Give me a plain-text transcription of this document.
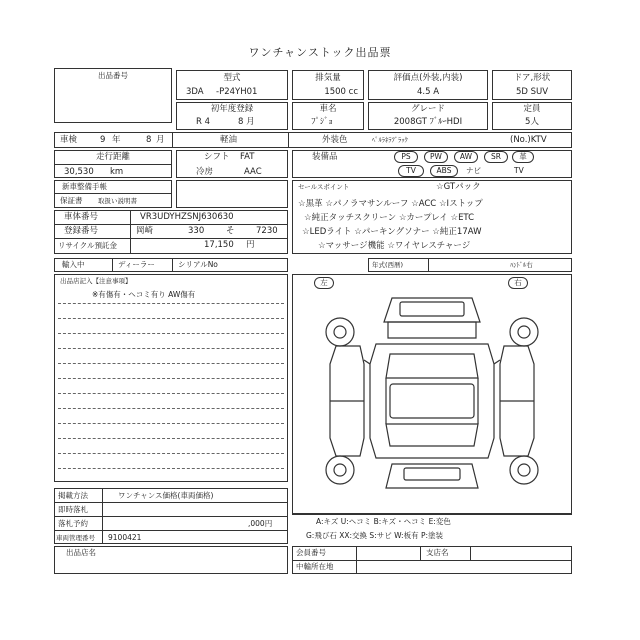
ワンチャンストック出品票
出品番号	型式
3DA -P24YH01
排気量
1500 cc
評価点(外装,内装)
4.5 A
ドア,形状
5D SUV
初年度登録
R 4	8 月
車名
ﾌﾟｼﾞｮ
グレード
2008GT ﾌﾞﾙｰHDI
定員
5人
車検	9 年	8 月	軽油	外装色	ﾍﾟﾙﾗﾈﾗﾌﾞﾗｯｸ	(No.)KTV
走行距離
30,530 km
シフト FAT
冷房	AAC
装備品	PS	PW	AW	SR	革
TV	ABS	ナビ	TV
新車整備手帳
保証書 取扱い説明書
セールスポイント	☆GTパック
☆黒革 ☆パノラマサンルーフ ☆ACC ☆Iストップ
☆純正タッチスクリーン ☆カープレイ ☆ETC
☆LEDライト ☆パーキングソナー ☆純正17AW
☆マッサージ機能 ☆ワイヤレスチャージ
車体番号	VR3UDYHZSNJ630630
登録番号	岡崎	330	そ	7230
リサイクル預託金	17,150 円
輸入中	ディーラー	シリアルNo	年式(西暦)	ﾊﾝﾄﾞﾙ右
出品店記入【注意事項】
※有傷有・ヘコミ有り AW傷有
左	右
A:キズ U:ヘコミ B:キズ・ヘコミ E:変色
G:飛び石 XX:交換 S:サビ W:板有 P:塗装
掲載方法	ワンチャンス価格(車両価格)
即時落札
落札予約	,000円
車両管理番号 9100421
出品店名	会員番号	支店名
中輸所在地
